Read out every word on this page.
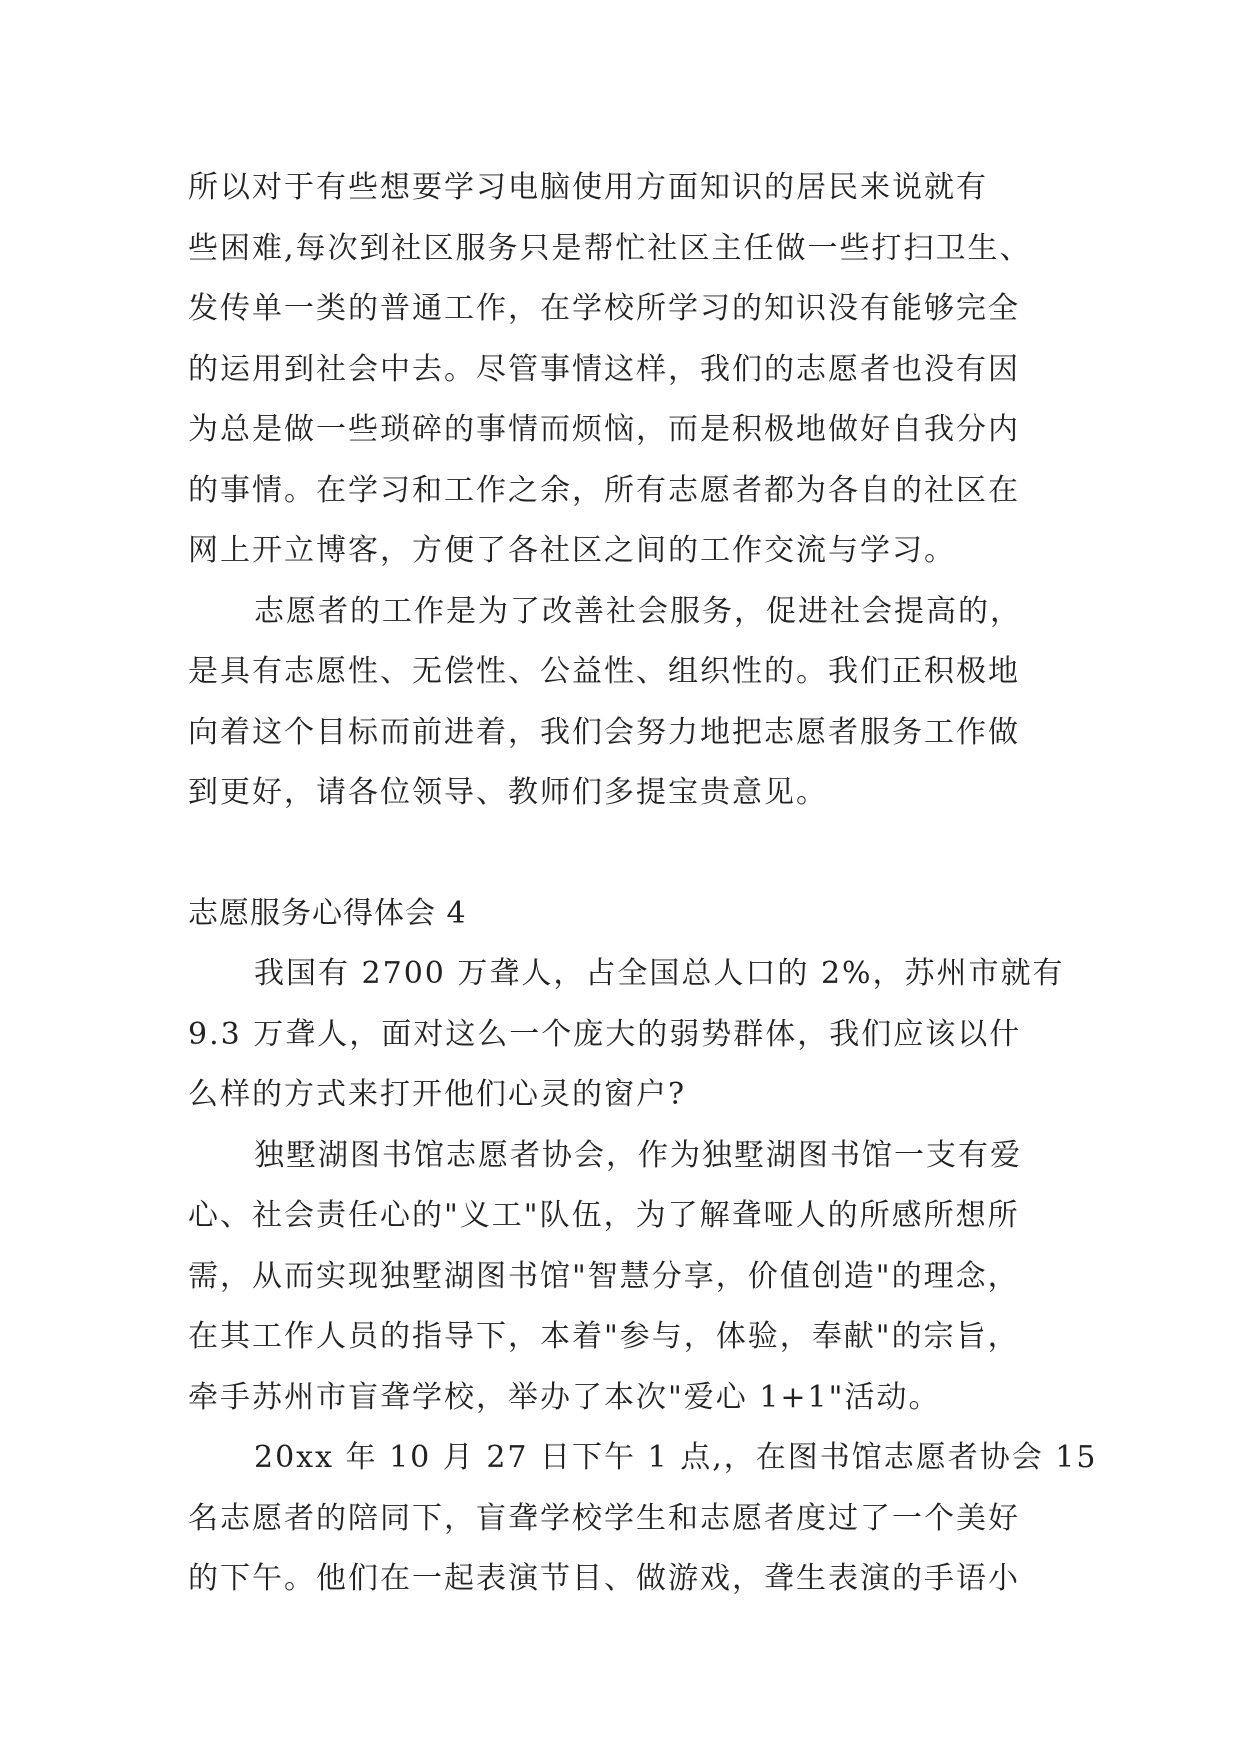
所以对于有些想要学习电脑使用方面知识的居民来说就有
些困难,每次到社区服务只是帮忙社区主任做一些打扫卫生、
发传单一类的普通工作，在学校所学习的知识没有能够完全
的运用到社会中去。尽管事情这样，我们的志愿者也没有因
为总是做一些琐碎的事情而烦恼，而是积极地做好自我分内
的事情。在学习和工作之余，所有志愿者都为各自的社区在
网上开立博客，方便了各社区之间的工作交流与学习。
志愿者的工作是为了改善社会服务，促进社会提高的，
是具有志愿性、无偿性、公益性、组织性的。我们正积极地
向着这个目标而前进着，我们会努力地把志愿者服务工作做
到更好，请各位领导、教师们多提宝贵意见。
志愿服务心得体会 4
我国有 2700 万聋人，占全国总人口的 2%，苏州市就有
9.3 万聋人，面对这么一个庞大的弱势群体，我们应该以什
么样的方式来打开他们心灵的窗户?
独墅湖图书馆志愿者协会，作为独墅湖图书馆一支有爱
心、社会责任心的"义工"队伍，为了解聋哑人的所感所想所
需，从而实现独墅湖图书馆"智慧分享，价值创造"的理念，
在其工作人员的指导下，本着"参与，体验，奉献"的宗旨，
牵手苏州市盲聋学校，举办了本次"爱心 1+1"活动。
20xx 年 10 月 27 日下午 1 点,，在图书馆志愿者协会 15
名志愿者的陪同下，盲聋学校学生和志愿者度过了一个美好
的下午。他们在一起表演节目、做游戏，聋生表演的手语小
